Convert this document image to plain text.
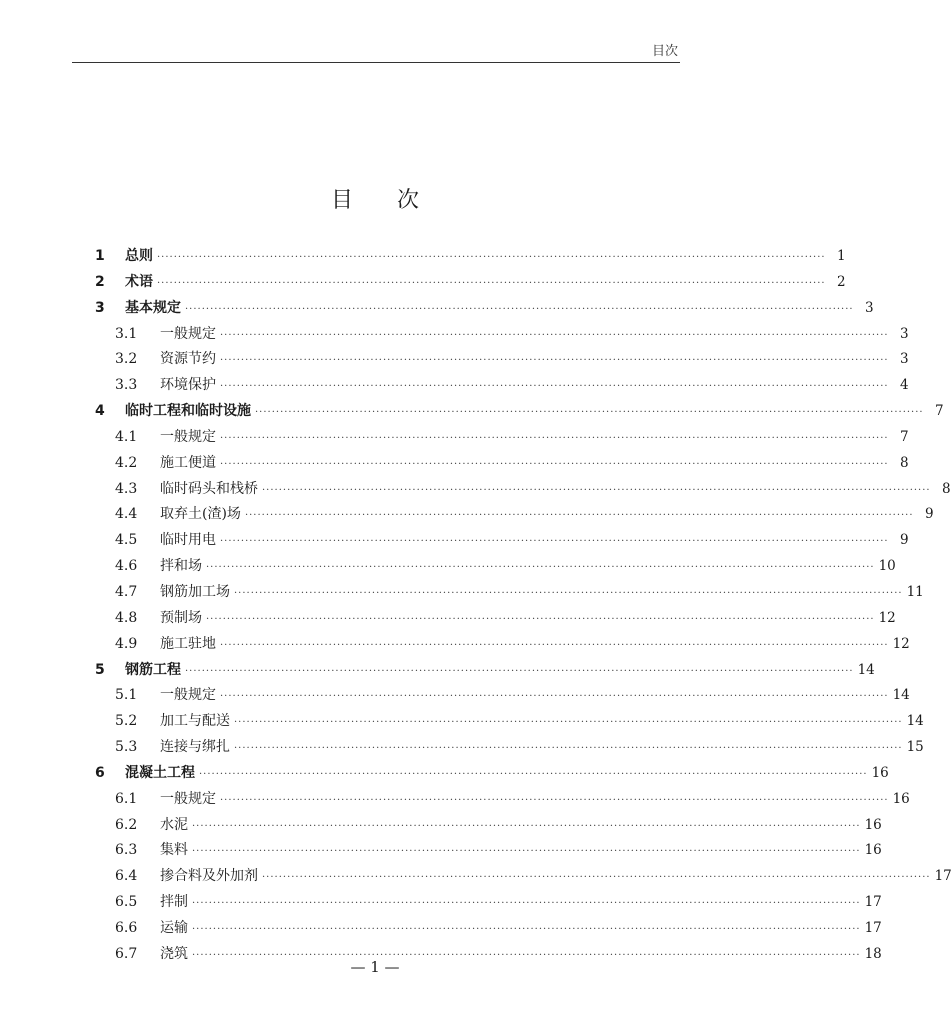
目次
目次
1	总则 ································································································································································ 1
2	术语 ································································································································································ 2
3	基本规定 ································································································································································ 3
3.1	一般规定 ································································································································································ 3
3.2	资源节约 ································································································································································ 3
3.3	环境保护 ································································································································································ 4
4	临时工程和临时设施 ································································································································································ 7
4.1	一般规定 ································································································································································ 7
4.2	施工便道 ································································································································································ 8
4.3	临时码头和栈桥 ································································································································································ 8
4.4	取弃土(渣)场 ································································································································································ 9
4.5	临时用电 ································································································································································ 9
4.6	拌和场 ································································································································································ 10
4.7	钢筋加工场 ································································································································································ 11
4.8	预制场 ································································································································································ 12
4.9	施工驻地 ································································································································································ 12
5	钢筋工程 ································································································································································ 14
5.1	一般规定 ································································································································································ 14
5.2	加工与配送 ································································································································································ 14
5.3	连接与绑扎 ································································································································································ 15
6	混凝土工程 ································································································································································ 16
6.1	一般规定 ································································································································································ 16
6.2	水泥 ································································································································································ 16
6.3	集料 ································································································································································ 16
6.4	掺合料及外加剂 ································································································································································ 17
6.5	拌制 ································································································································································ 17
6.6	运输 ································································································································································ 17
6.7	浇筑 ································································································································································ 18
— 1 —
